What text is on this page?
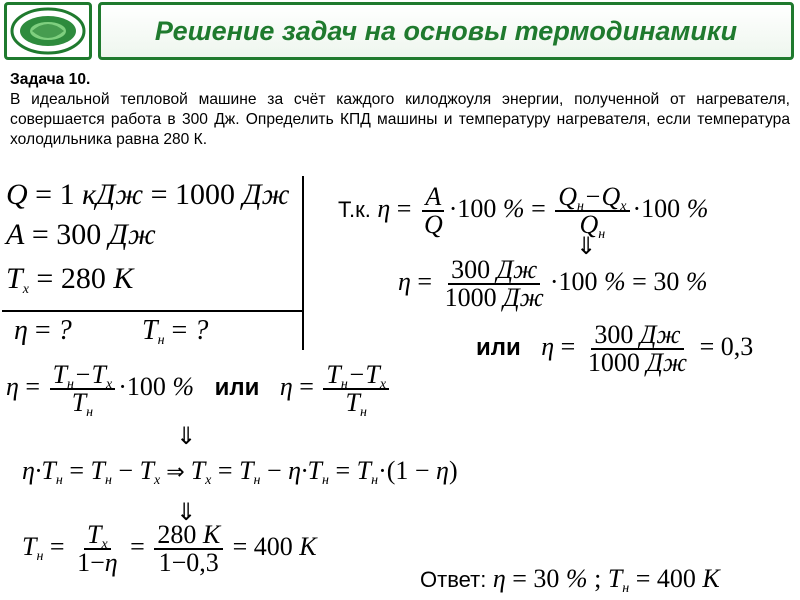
Решение задач на основы термодинамики
Задача 10.
В идеальной тепловой машине за счёт каждого килоджоуля энергии, полученной от нагревателя, совершается работа в 300 Дж. Определить КПД машины и температуру нагревателя, если температура холодильника равна 280 К.
Q = 1 кДж = 1000 Дж
A = 300 Дж
$T_x = 280$ К
η = ?	$T_н$ = ?
Т.к. $\eta = \frac{A}{Q} \cdot 100$ % = $\frac{Q_н-Q_x}{Q_н} \cdot 100$ %
⇓
$\eta = \frac{300 Дж}{1000 Дж} \cdot 100$ % = 30 %
или $\eta = \frac{300 Дж}{1000 Дж} = 0,3$
$\eta = \frac{T_н-T_x}{T_н} \cdot 100$ % или $\eta = \frac{T_н-T_x}{T_н}$
⇓
$\eta\cdot T_н = T_н - T_x$ ⇒ $T_x = T_н - \eta\cdot T_н = T_н\cdot(1 - \eta)$
⇓
$T_н = \frac{T_x}{1-\eta} = \frac{280 К}{1-0,3} = 400$ К
Ответ: η = 30 % ; $T_н = 400$ К
